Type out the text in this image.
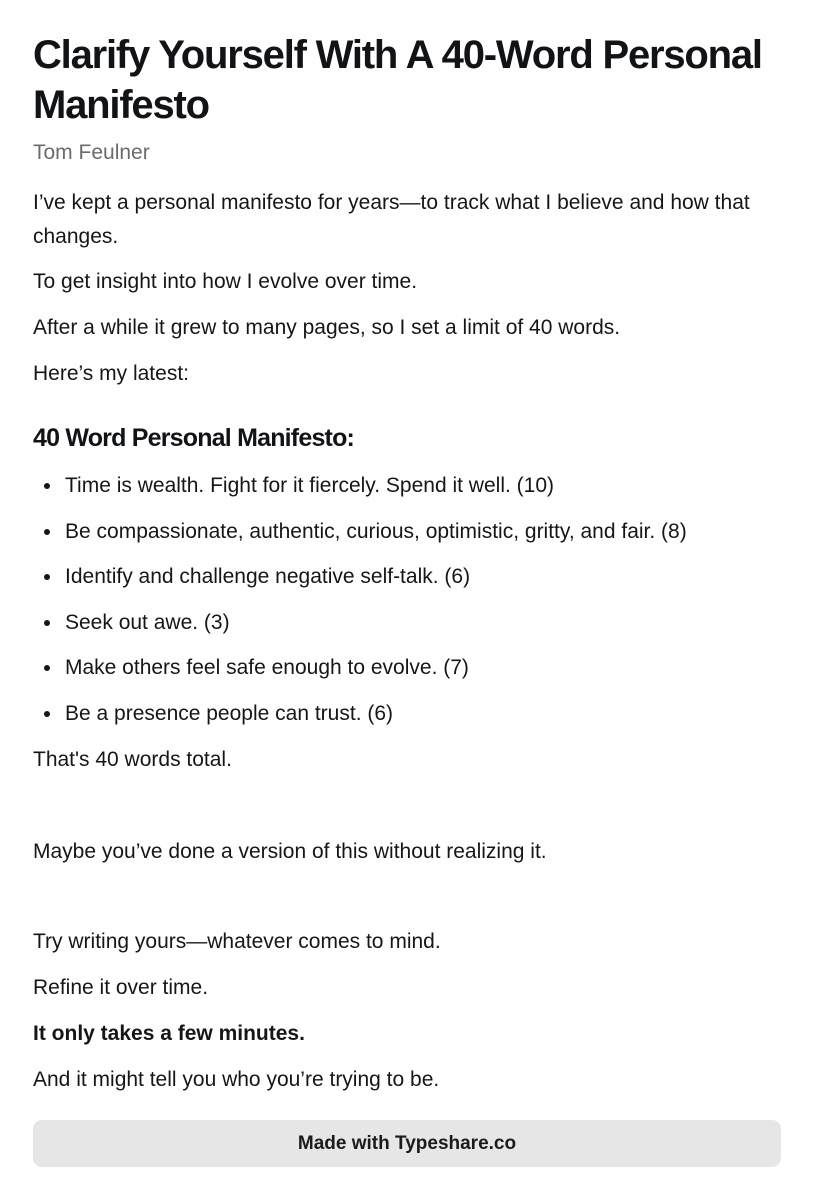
Clarify Yourself With A 40-Word Personal Manifesto
Tom Feulner

I’ve kept a personal manifesto for years—to track what I believe and how that changes.

To get insight into how I evolve over time.

After a while it grew to many pages, so I set a limit of 40 words.

Here’s my latest:

40 Word Personal Manifesto:
Time is wealth. Fight for it fiercely. Spend it well. (10)
Be compassionate, authentic, curious, optimistic, gritty, and fair. (8)
Identify and challenge negative self-talk. (6)
Seek out awe. (3)
Make others feel safe enough to evolve. (7)
Be a presence people can trust. (6)

That's 40 words total.

Maybe you’ve done a version of this without realizing it.

Try writing yours—whatever comes to mind.

Refine it over time.

It only takes a few minutes.

And it might tell you who you’re trying to be.

Made with Typeshare.co
